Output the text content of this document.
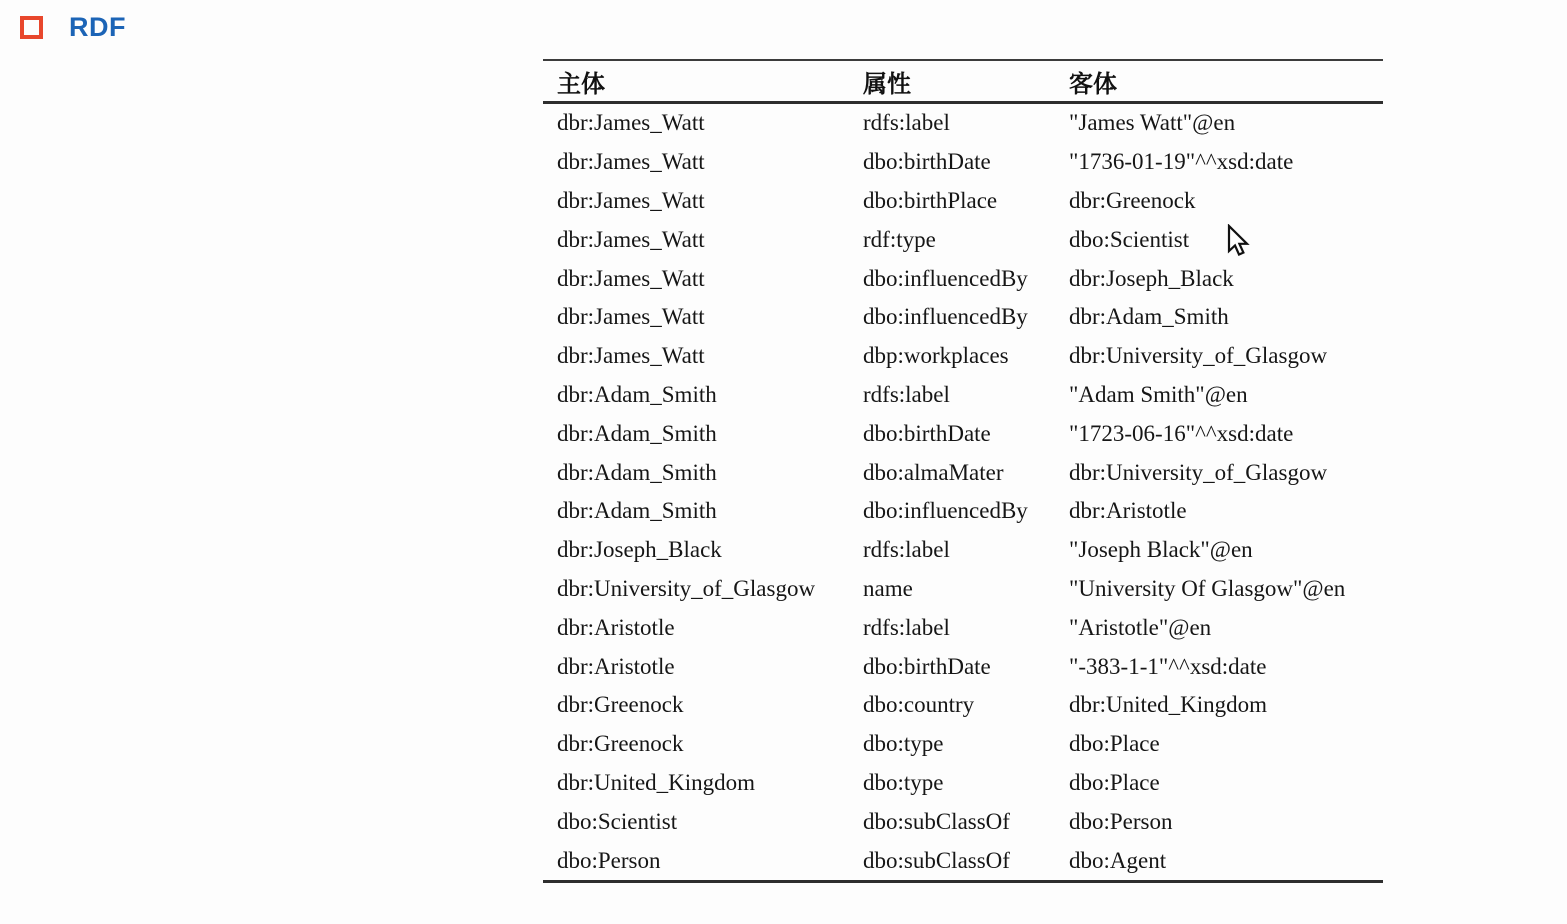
RDF
主体	属性	客体
dbr:James_Watt	rdfs:label	"James Watt"@en
dbr:James_Watt	dbo:birthDate	"1736-01-19"^^xsd:date
dbr:James_Watt	dbo:birthPlace	dbr:Greenock
dbr:James_Watt	rdf:type	dbo:Scientist
dbr:James_Watt	dbo:influencedBy	dbr:Joseph_Black
dbr:James_Watt	dbo:influencedBy	dbr:Adam_Smith
dbr:James_Watt	dbp:workplaces	dbr:University_of_Glasgow
dbr:Adam_Smith	rdfs:label	"Adam Smith"@en
dbr:Adam_Smith	dbo:birthDate	"1723-06-16"^^xsd:date
dbr:Adam_Smith	dbo:almaMater	dbr:University_of_Glasgow
dbr:Adam_Smith	dbo:influencedBy	dbr:Aristotle
dbr:Joseph_Black	rdfs:label	"Joseph Black"@en
dbr:University_of_Glasgow	name	"University Of Glasgow"@en
dbr:Aristotle	rdfs:label	"Aristotle"@en
dbr:Aristotle	dbo:birthDate	"-383-1-1"^^xsd:date
dbr:Greenock	dbo:country	dbr:United_Kingdom
dbr:Greenock	dbo:type	dbo:Place
dbr:United_Kingdom	dbo:type	dbo:Place
dbo:Scientist	dbo:subClassOf	dbo:Person
dbo:Person	dbo:subClassOf	dbo:Agent
